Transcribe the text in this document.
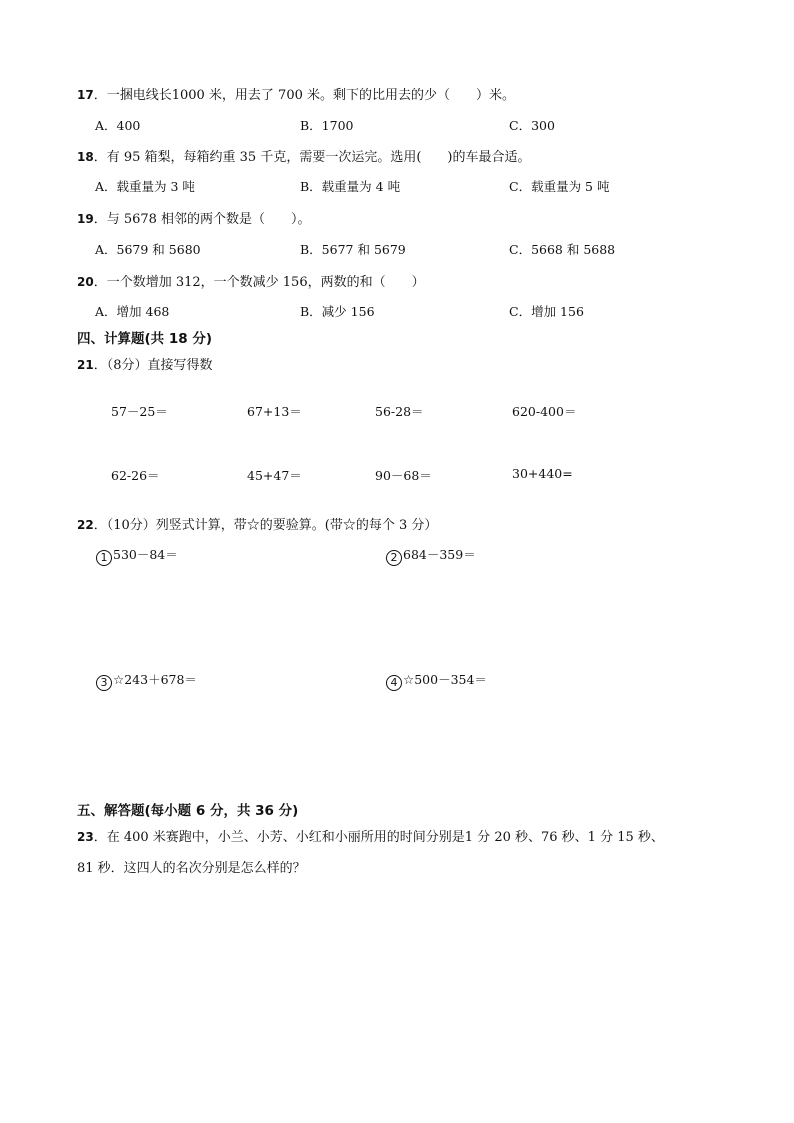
17．一捆电线长1000 米，用去了 700 米。剩下的比用去的少（　　）米。
A．400	B．1700	C．300
18．有 95 箱梨，每箱约重 35 千克，需要一次运完。选用(　　)的车最合适。
A．载重量为 3 吨	B．载重量为 4 吨	C．载重量为 5 吨
19．与 5678 相邻的两个数是（　　）。
A．5679 和 5680	B．5677 和 5679	C．5668 和 5688
20．一个数增加 312，一个数减少 156，两数的和（　　）
A．增加 468	B．减少 156	C．增加 156
四、计算题(共 18 分)
21．（8分）直接写得数
57－25＝	67+13＝	56-28＝	620-400＝
62-26＝	45+47＝	90－68＝	30+440=
22．（10分）列竖式计算，带☆的要验算。(带☆的每个 3 分）
1 530－84＝	2 684－359＝
3 ☆243＋678＝	4 ☆500－354＝
五、解答题(每小题 6 分，共 36 分)
23．在 400 米赛跑中，小兰、小芳、小红和小丽所用的时间分别是1 分 20 秒、76 秒、1 分 15 秒、
81 秒．这四人的名次分别是怎么样的？
